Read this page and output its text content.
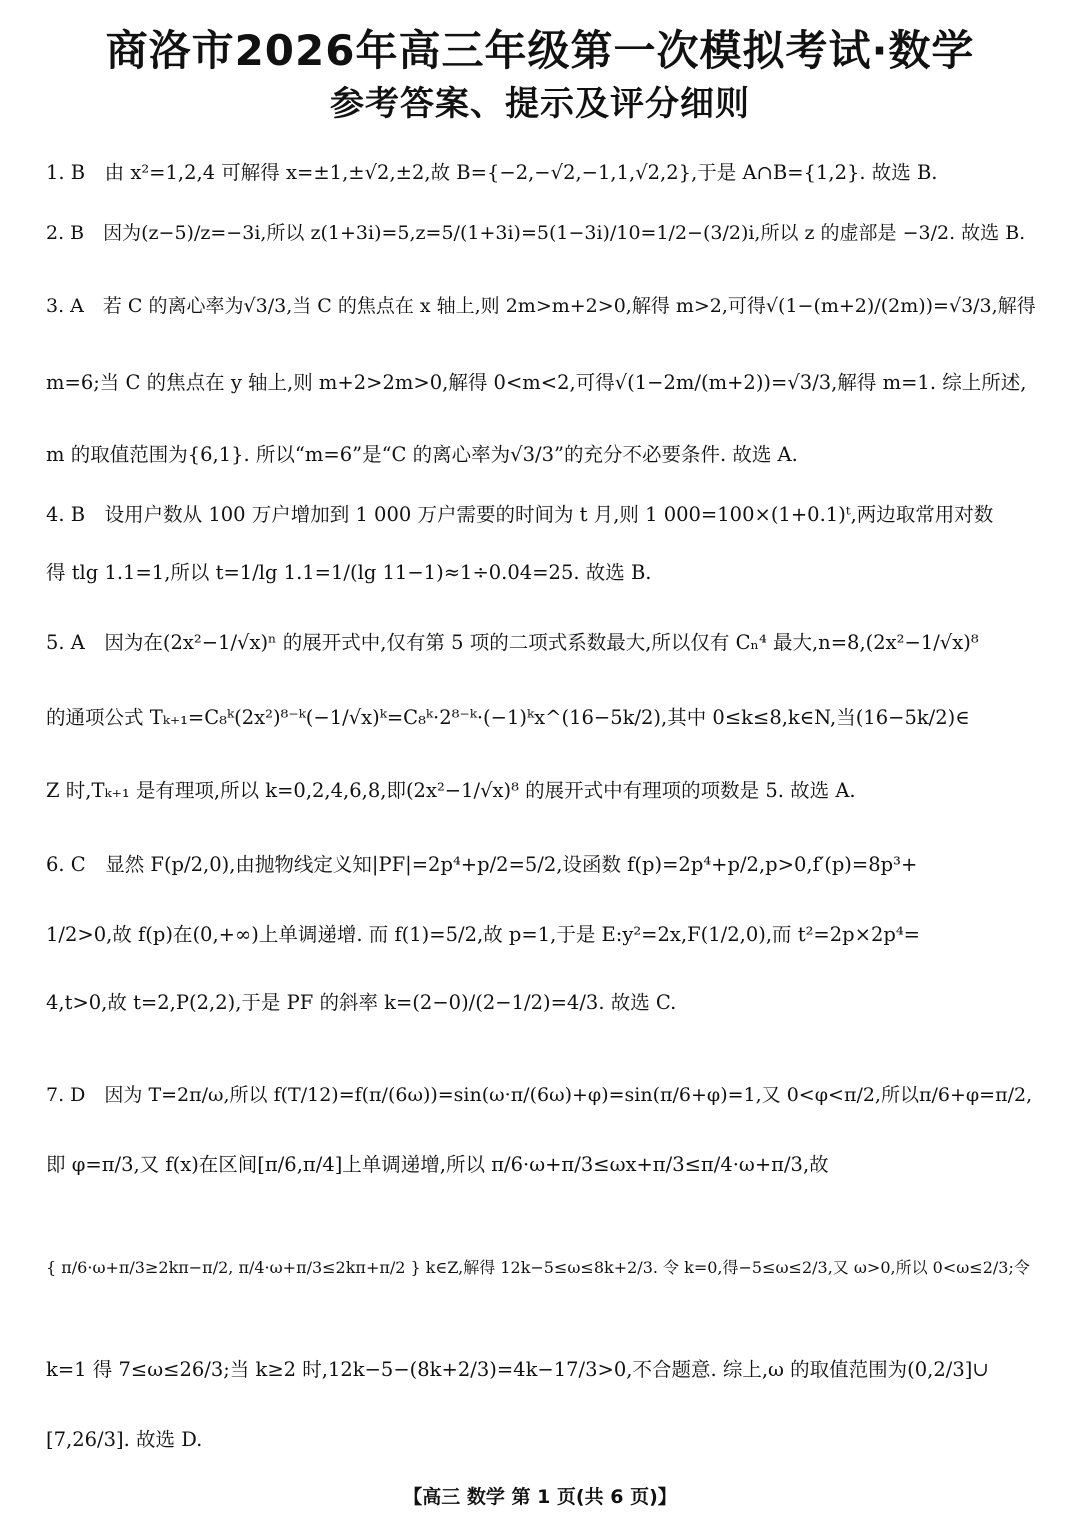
商洛市2026年高三年级第一次模拟考试·数学
参考答案、提示及评分细则
1. B　由 x²=1,2,4 可解得 x=±1,±√2,±2,故 B={−2,−√2,−1,1,√2,2},于是 A∩B={1,2}. 故选 B.
2. B　因为(z−5)/z=−3i,所以 z(1+3i)=5,z=5/(1+3i)=5(1−3i)/10=1/2−(3/2)i,所以 z 的虚部是 −3/2. 故选 B.
3. A　若 C 的离心率为√3/3,当 C 的焦点在 x 轴上,则 2m>m+2>0,解得 m>2,可得√(1−(m+2)/(2m))=√3/3,解得
m=6;当 C 的焦点在 y 轴上,则 m+2>2m>0,解得 0<m<2,可得√(1−2m/(m+2))=√3/3,解得 m=1. 综上所述,
m 的取值范围为{6,1}. 所以“m=6”是“C 的离心率为√3/3”的充分不必要条件. 故选 A.
4. B　设用户数从 100 万户增加到 1 000 万户需要的时间为 t 月,则 1 000=100×(1+0.1)ᵗ,两边取常用对数
得 tlg 1.1=1,所以 t=1/lg 1.1=1/(lg 11−1)≈1÷0.04=25. 故选 B.
5. A　因为在(2x²−1/√x)ⁿ 的展开式中,仅有第 5 项的二项式系数最大,所以仅有 Cₙ⁴ 最大,n=8,(2x²−1/√x)⁸
的通项公式 Tₖ₊₁=C₈ᵏ(2x²)⁸⁻ᵏ(−1/√x)ᵏ=C₈ᵏ·2⁸⁻ᵏ·(−1)ᵏx^(16−5k/2),其中 0≤k≤8,k∈N,当(16−5k/2)∈
Z 时,Tₖ₊₁ 是有理项,所以 k=0,2,4,6,8,即(2x²−1/√x)⁸ 的展开式中有理项的项数是 5. 故选 A.
6. C　显然 F(p/2,0),由抛物线定义知|PF|=2p⁴+p/2=5/2,设函数 f(p)=2p⁴+p/2,p>0,f′(p)=8p³+
1/2>0,故 f(p)在(0,+∞)上单调递增. 而 f(1)=5/2,故 p=1,于是 E:y²=2x,F(1/2,0),而 t²=2p×2p⁴=
4,t>0,故 t=2,P(2,2),于是 PF 的斜率 k=(2−0)/(2−1/2)=4/3. 故选 C.
7. D　因为 T=2π/ω,所以 f(T/12)=f(π/(6ω))=sin(ω·π/(6ω)+φ)=sin(π/6+φ)=1,又 0<φ<π/2,所以π/6+φ=π/2,
即 φ=π/3,又 f(x)在区间[π/6,π/4]上单调递增,所以 π/6·ω+π/3≤ωx+π/3≤π/4·ω+π/3,故
{ π/6·ω+π/3≥2kπ−π/2, π/4·ω+π/3≤2kπ+π/2 } k∈Z,解得 12k−5≤ω≤8k+2/3. 令 k=0,得−5≤ω≤2/3,又 ω>0,所以 0<ω≤2/3;令
k=1 得 7≤ω≤26/3;当 k≥2 时,12k−5−(8k+2/3)=4k−17/3>0,不合题意. 综上,ω 的取值范围为(0,2/3]∪
[7,26/3]. 故选 D.
【高三 数学 第 1 页(共 6 页)】
